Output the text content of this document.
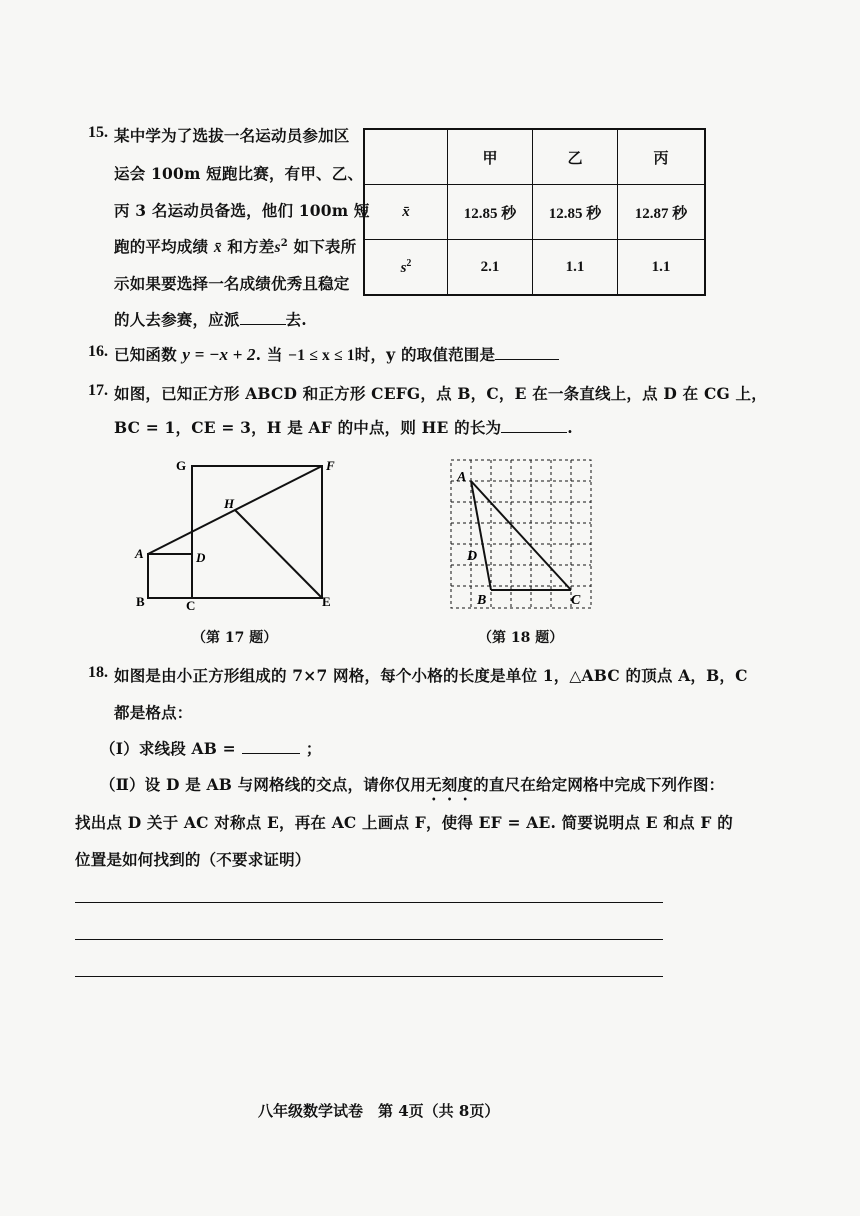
15. 某中学为了选拔一名运动员参加区
运会 100m 短跑比赛，有甲、乙、
丙 3 名运动员备选，他们 100m 短
跑的平均成绩 x̄ 和方差$s^2$ 如下表所
示如果要选择一名成绩优秀且稳定
的人去参赛，应派	去.
	甲	乙	丙
x̄	12.85 秒	12.85 秒	12.87 秒
$s^2$	2.1	1.1	1.1
16. 已知函数 y = −x + 2. 当 −1 ≤ x ≤ 1时，y 的取值范围是
17. 如图，已知正方形 ABCD 和正方形 CEFG，点 B，C，E 在一条直线上，点 D 在 CG 上，
BC = 1，CE = 3，H 是 AF 的中点，则 HE 的长为	.
G	F
H
A	D
B	C	E
（第 17 题）
A
D
B	C
（第 18 题）
18. 如图是由小正方形组成的 7×7 网格，每个小格的长度是单位 1，△ABC 的顶点 A，B，C
都是格点：
（Ⅰ）求线段 AB =	；
（Ⅱ）设 D 是 AB 与网格线的交点，请你仅用无刻度的直尺在给定网格中完成下列作图：
找出点 D 关于 AC 对称点 E，再在 AC 上画点 F，使得 EF = AE. 简要说明点 E 和点 F 的
位置是如何找到的（不要求证明）
八年级数学试卷　第 4页（共 8页）
